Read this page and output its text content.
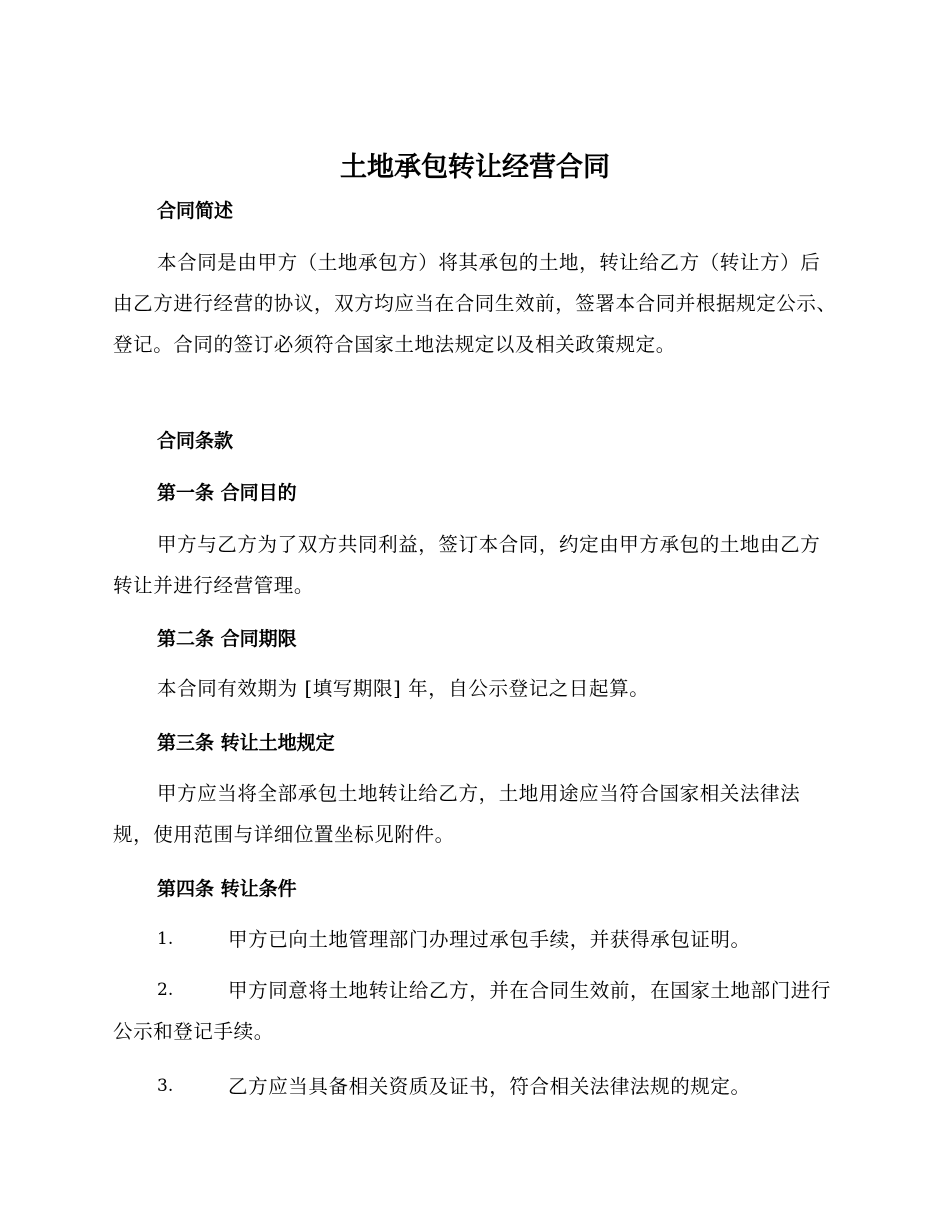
土地承包转让经营合同

合同简述

本合同是由甲方（土地承包方）将其承包的土地，转让给乙方（转让方）后由乙方进行经营的协议，双方均应当在合同生效前，签署本合同并根据规定公示、登记。合同的签订必须符合国家土地法规定以及相关政策规定。

合同条款

第一条 合同目的

甲方与乙方为了双方共同利益，签订本合同，约定由甲方承包的土地由乙方转让并进行经营管理。

第二条 合同期限

本合同有效期为 [填写期限] 年，自公示登记之日起算。

第三条 转让土地规定

甲方应当将全部承包土地转让给乙方，土地用途应当符合国家相关法律法规，使用范围与详细位置坐标见附件。

第四条 转让条件

1.	甲方已向土地管理部门办理过承包手续，并获得承包证明。
2.	甲方同意将土地转让给乙方，并在合同生效前，在国家土地部门进行公示和登记手续。
3.	乙方应当具备相关资质及证书，符合相关法律法规的规定。
